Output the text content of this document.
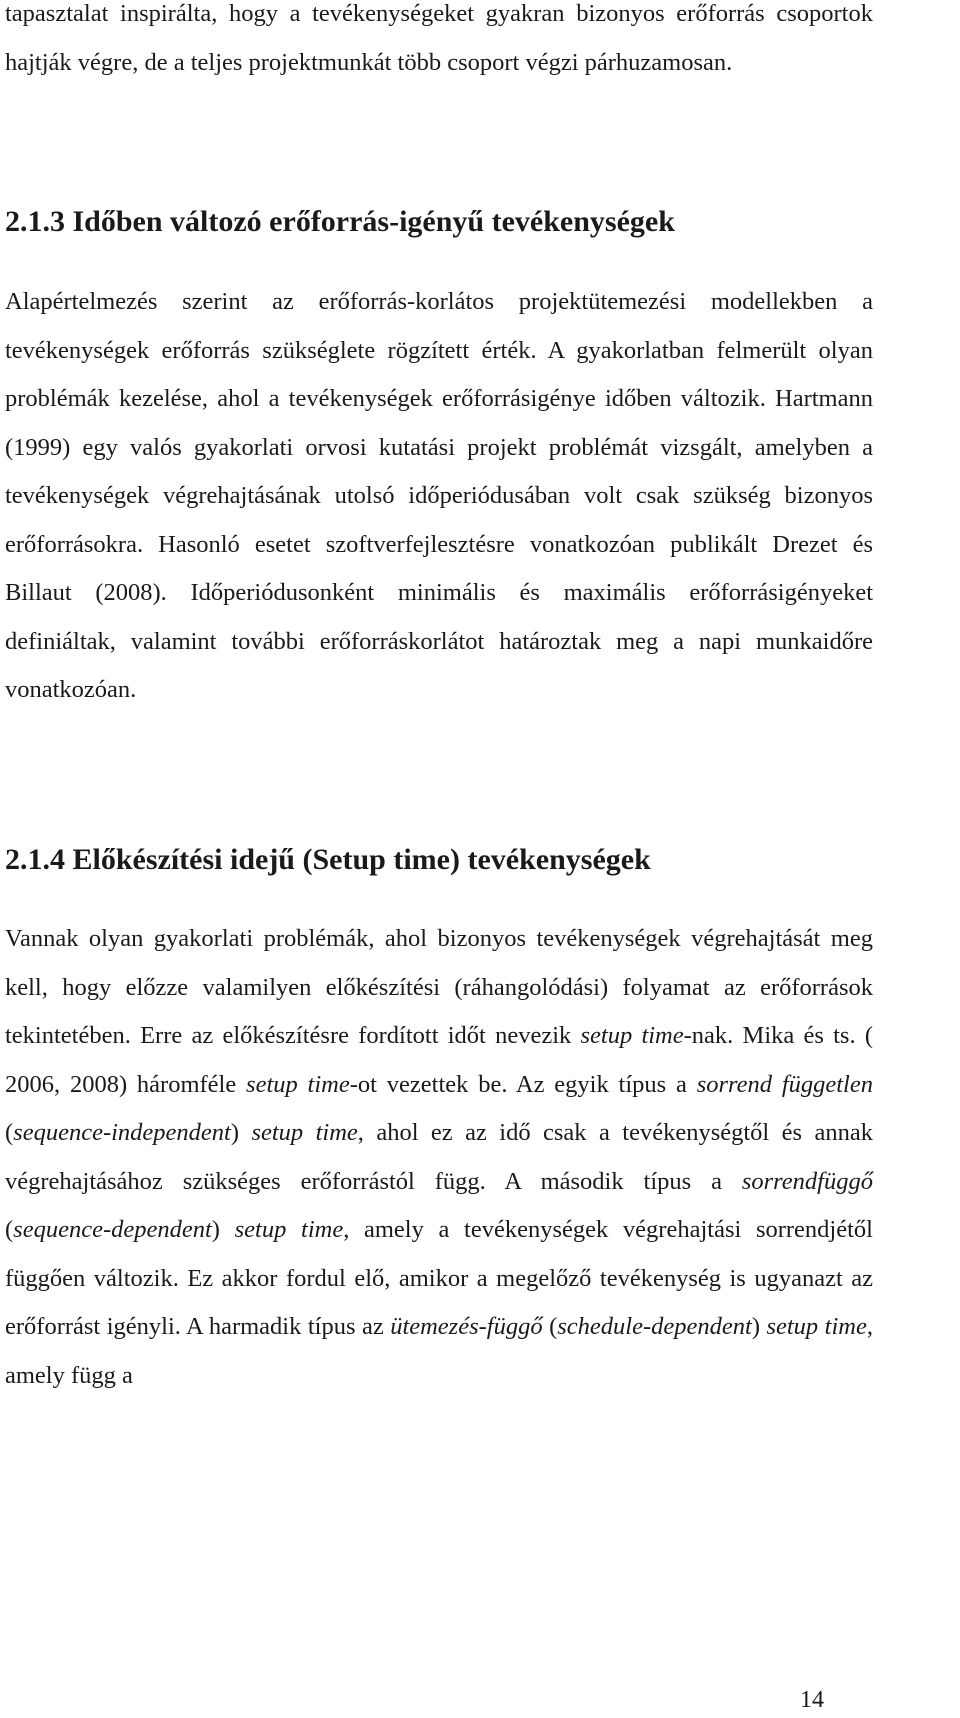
tapasztalat inspirálta, hogy a tevékenységeket gyakran bizonyos erőforrás csoportok hajtják végre, de a teljes projektmunkát több csoport végzi párhuzamosan.

2.1.3 Időben változó erőforrás-igényű tevékenységek

Alapértelmezés szerint az erőforrás-korlátos projektütemezési modellekben a tevékenységek erőforrás szükséglete rögzített érték. A gyakorlatban felmerült olyan problémák kezelése, ahol a tevékenységek erőforrásigénye időben változik. Hartmann (1999) egy valós gyakorlati orvosi kutatási projekt problémát vizsgált, amelyben a tevékenységek végrehajtásának utolsó időperiódusában volt csak szükség bizonyos erőforrásokra. Hasonló esetet szoftverfejlesztésre vonatkozóan publikált Drezet és Billaut (2008). Időperiódusonként minimális és maximális erőforrásigényeket definiáltak, valamint további erőforráskorlátot határoztak meg a napi munkaidőre vonatkozóan.

2.1.4 Előkészítési idejű (Setup time) tevékenységek

Vannak olyan gyakorlati problémák, ahol bizonyos tevékenységek végrehajtását meg kell, hogy előzze valamilyen előkészítési (ráhangolódási) folyamat az erőforrások tekintetében. Erre az előkészítésre fordított időt nevezik setup time-nak. Mika és ts. ( 2006, 2008) háromféle setup time-ot vezettek be. Az egyik típus a sorrend független (sequence-independent) setup time, ahol ez az idő csak a tevékenységtől és annak végrehajtásához szükséges erőforrástól függ. A második típus a sorrendfüggő (sequence-dependent) setup time, amely a tevékenységek végrehajtási sorrendjétől függően változik. Ez akkor fordul elő, amikor a megelőző tevékenység is ugyanazt az erőforrást igényli. A harmadik típus az ütemezés-függő (schedule-dependent) setup time, amely függ a

14
